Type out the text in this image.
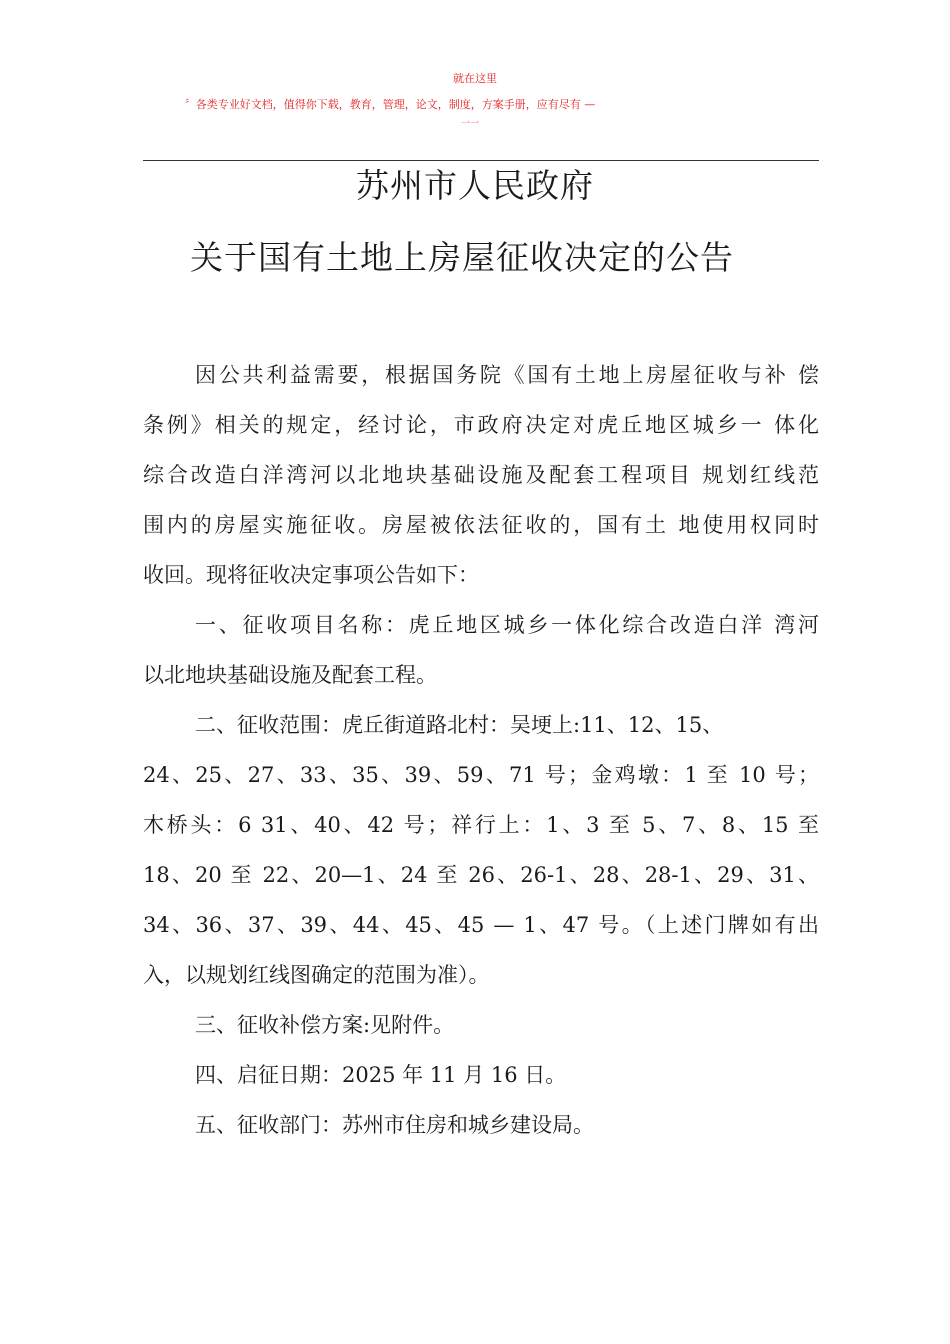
就在这里
〞各类专业好文档，值得你下载，教育，管理，论文，制度，方案手册，应有尽有 —
一一
苏州市人民政府
关于国有土地上房屋征收决定的公告
因公共利益需要，根据国务院《国有土地上房屋征收与补 偿
条例》相关的规定，经讨论，市政府决定对虎丘地区城乡一 体化
综合改造白洋湾河以北地块基础设施及配套工程项目 规划红线范
围内的房屋实施征收。房屋被依法征收的，国有土 地使用权同时
收回。现将征收决定事项公告如下：
一、征收项目名称：虎丘地区城乡一体化综合改造白洋 湾河
以北地块基础设施及配套工程。
二、征收范围：虎丘街道路北村：吴埂上:11、12、15、
24、25、27、33、35、39、59、71 号；金鸡墩：1 至 10 号；
木桥头：6 31、40、42 号；祥行上：1、3 至 5、7、8、15 至
18、20 至 22、20—1、24 至 26、26-1、28、28-1、29、31、
34、36、37、39、44、45、45 — 1、47 号。（上述门牌如有出
入，以规划红线图确定的范围为准）。
三、征收补偿方案:见附件。
四、启征日期：2025 年 11 月 16 日。
五、征收部门：苏州市住房和城乡建设局。
